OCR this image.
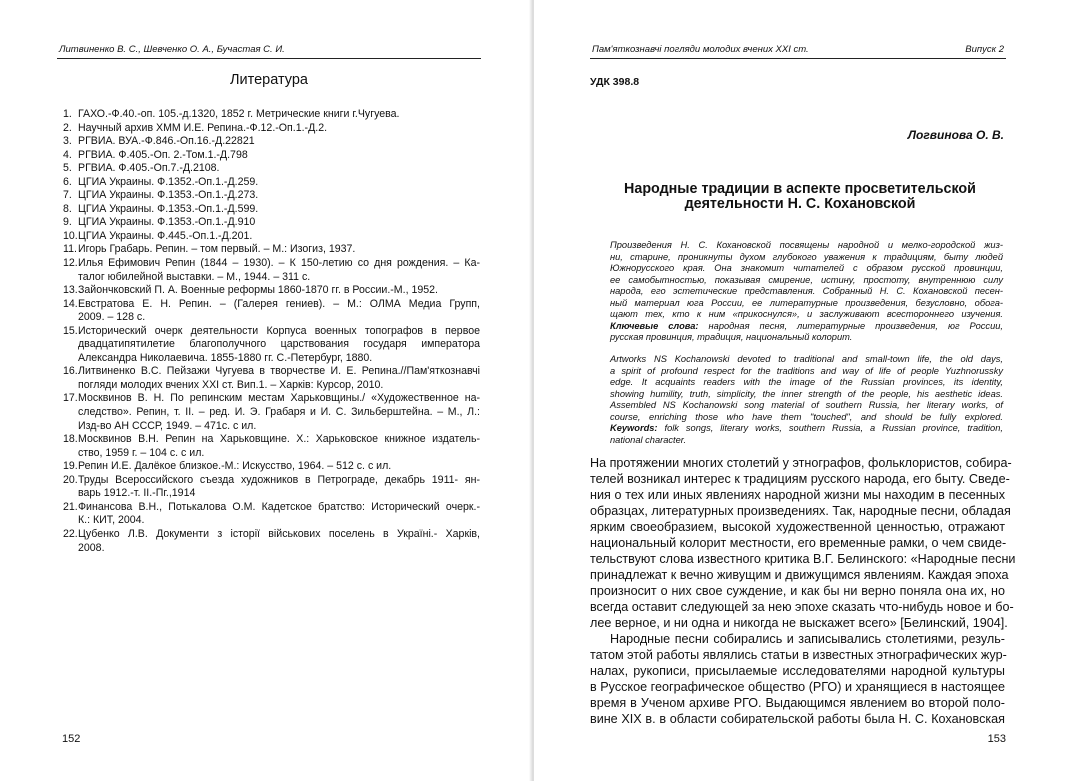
Литвиненко В. С., Шевченко О. А., Бучастая С. И.
Литература
1. ГАХО.-Ф.40.-оп. 105.-д.1320, 1852 г. Метрические книги г.Чугуева.
2. Научный архив ХММ И.Е. Репина.-Ф.12.-Оп.1.-Д.2.
3. РГВИА. ВУА.-Ф.846.-Оп.16.-Д.22821
4. РГВИА. Ф.405.-Оп. 2.-Том.1.-Д.798
5. РГВИА. Ф.405.-Оп.7.-Д.2108.
6. ЦГИА Украины. Ф.1352.-Оп.1.-Д.259.
7. ЦГИА Украины. Ф.1353.-Оп.1.-Д.273.
8. ЦГИА Украины. Ф.1353.-Оп.1.-Д.599.
9. ЦГИА Украины. Ф.1353.-Оп.1.-Д.910
10. ЦГИА Украины. Ф.445.-Оп.1.-Д.201.
11. Игорь Грабарь. Репин. – том первый. – М.: Изогиз, 1937.
12. Илья Ефимович Репин (1844 – 1930). – К 150-летию со дня рождения. – Ка-
талог юбилейной выставки. – М., 1944. – 311 с.
13. Зайончковский П. А. Военные реформы 1860-1870 гг. в России.-М., 1952.
14. Евстратова Е. Н. Репин. – (Галерея гениев). – М.: ОЛМА Медиа Групп,
2009. – 128 с.
15. Исторический очерк деятельности Корпуса военных топографов в первое
двадцатипятилетие благополучного царствования государя императора
Александра Николаевича. 1855-1880 гг. С.-Петербург, 1880.
16. Литвиненко В.С. Пейзажи Чугуева в творчестве И. Е. Репина.//Пам'яткознавчі
погляди молодих вчених XXI ст. Вип.1. – Харків: Курсор, 2010.
17. Москвинов В. Н. По репинским местам Харьковщины./ «Художественное на-
следство». Репин, т. II. – ред. И. Э. Грабаря и И. С. Зильберштейна. – М., Л.:
Изд-во АН СССР, 1949. – 471с. с ил.
18. Москвинов В.Н. Репин на Харьковщине. Х.: Харьковское книжное издатель-
ство, 1959 г. – 104 с. с ил.
19. Репин И.Е. Далёкое близкое.-М.: Искусство, 1964. – 512 с. с ил.
20. Труды Всероссийского съезда художников в Петрограде, декабрь 1911- ян-
варь 1912.-т. II.-Пг.,1914
21. Финансова В.Н., Потькалова О.М. Кадетское братство: Исторический очерк.-
К.: КИТ, 2004.
22. Цубенко Л.В. Документи з історії військових поселень в Україні.- Харків,
2008.
152
Пам'яткознавчі погляди молодих вчених XXI ст.	Випуск 2
УДК 398.8
Логвинова О. В.
Народные традиции в аспекте просветительской
деятельности Н. С. Кохановской
Произведения Н. С. Кохановской посвящены народной и мелко-городской жиз-
ни, старине, проникнуты духом глубокого уважения к традициям, быту людей
Южнорусского края. Она знакомит читателей с образом русской провинции,
ее самобытностью, показывая смирение, истину, простоту, внутреннюю силу
народа, его эстетические представления. Собранный Н. С. Кохановской песен-
ный материал юга России, ее литературные произведения, безусловно, обога-
щают тех, кто к ним «прикоснулся», и заслуживают всестороннего изучения.
Ключевые слова: народная песня, литературные произведения, юг России,
русская провинция, традиция, национальный колорит.
Artworks NS Kochanowski devoted to traditional and small-town life, the old days,
a spirit of profound respect for the traditions and way of life of people Yuzhnorussky
edge. It acquaints readers with the image of the Russian provinces, its identity,
showing humility, truth, simplicity, the inner strength of the people, his aesthetic ideas.
Assembled NS Kochanowski song material of southern Russia, her literary works, of
course, enriching those who have them "touched", and should be fully explored.
Keywords: folk songs, literary works, southern Russia, a Russian province, tradition,
national character.
На протяжении многих столетий у этнографов, фольклористов, собира-
телей возникал интерес к традициям русского народа, его быту. Сведе-
ния о тех или иных явлениях народной жизни мы находим в песенных
образцах, литературных произведениях. Так, народные песни, обладая
ярким своеобразием, высокой художественной ценностью, отражают
национальный колорит местности, его временные рамки, о чем свиде-
тельствуют слова известного критика В.Г. Белинского: «Народные песни
принадлежат к вечно живущим и движущимся явлениям. Каждая эпоха
произносит о них свое суждение, и как бы ни верно поняла она их, но
всегда оставит следующей за нею эпохе сказать что-нибудь новое и бо-
лее верное, и ни одна и никогда не выскажет всего» [Белинский, 1904].
Народные песни собирались и записывались столетиями, резуль-
татом этой работы являлись статьи в известных этнографических жур-
налах, рукописи, присылаемые исследователями народной культуры
в Русское географическое общество (РГО) и хранящиеся в настоящее
время в Ученом архиве РГО. Выдающимся явлением во второй поло-
вине XIX в. в области собирательской работы была Н. С. Кохановская
153
